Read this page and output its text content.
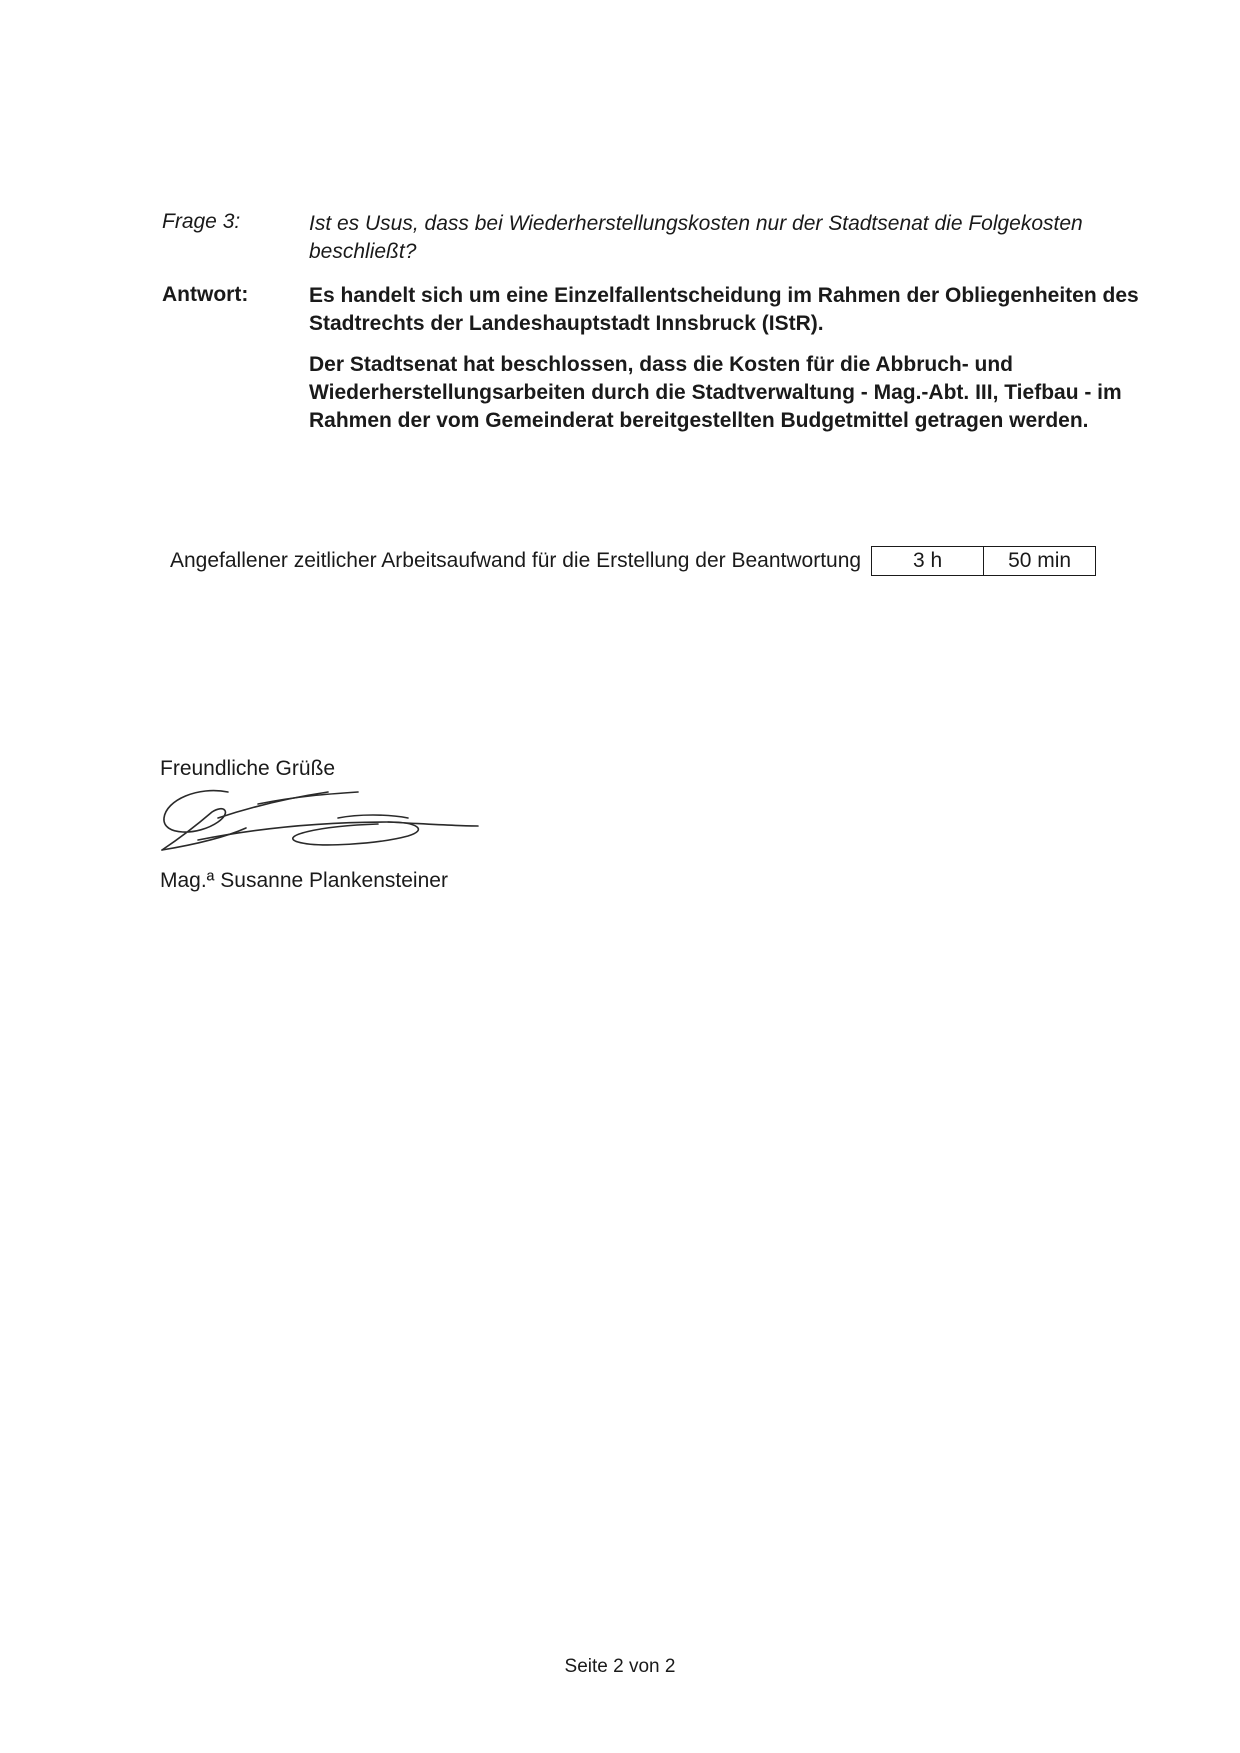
Frage 3:	Ist es Usus, dass bei Wiederherstellungskosten nur der Stadtsenat die Folgekosten beschließt?
Antwort:	Es handelt sich um eine Einzelfallentscheidung im Rahmen der Obliegenheiten des Stadtrechts der Landeshauptstadt Innsbruck (IStR).
Der Stadtsenat hat beschlossen, dass die Kosten für die Abbruch- und Wiederherstellungsarbeiten durch die Stadtverwaltung - Mag.-Abt. III, Tiefbau - im Rahmen der vom Gemeinderat bereitgestellten Budgetmittel getragen werden.
Angefallener zeitlicher Arbeitsaufwand für die Erstellung der Beantwortung	3 h	50 min
Freundliche Grüße
Mag.ª Susanne Plankensteiner
Seite 2 von 2
